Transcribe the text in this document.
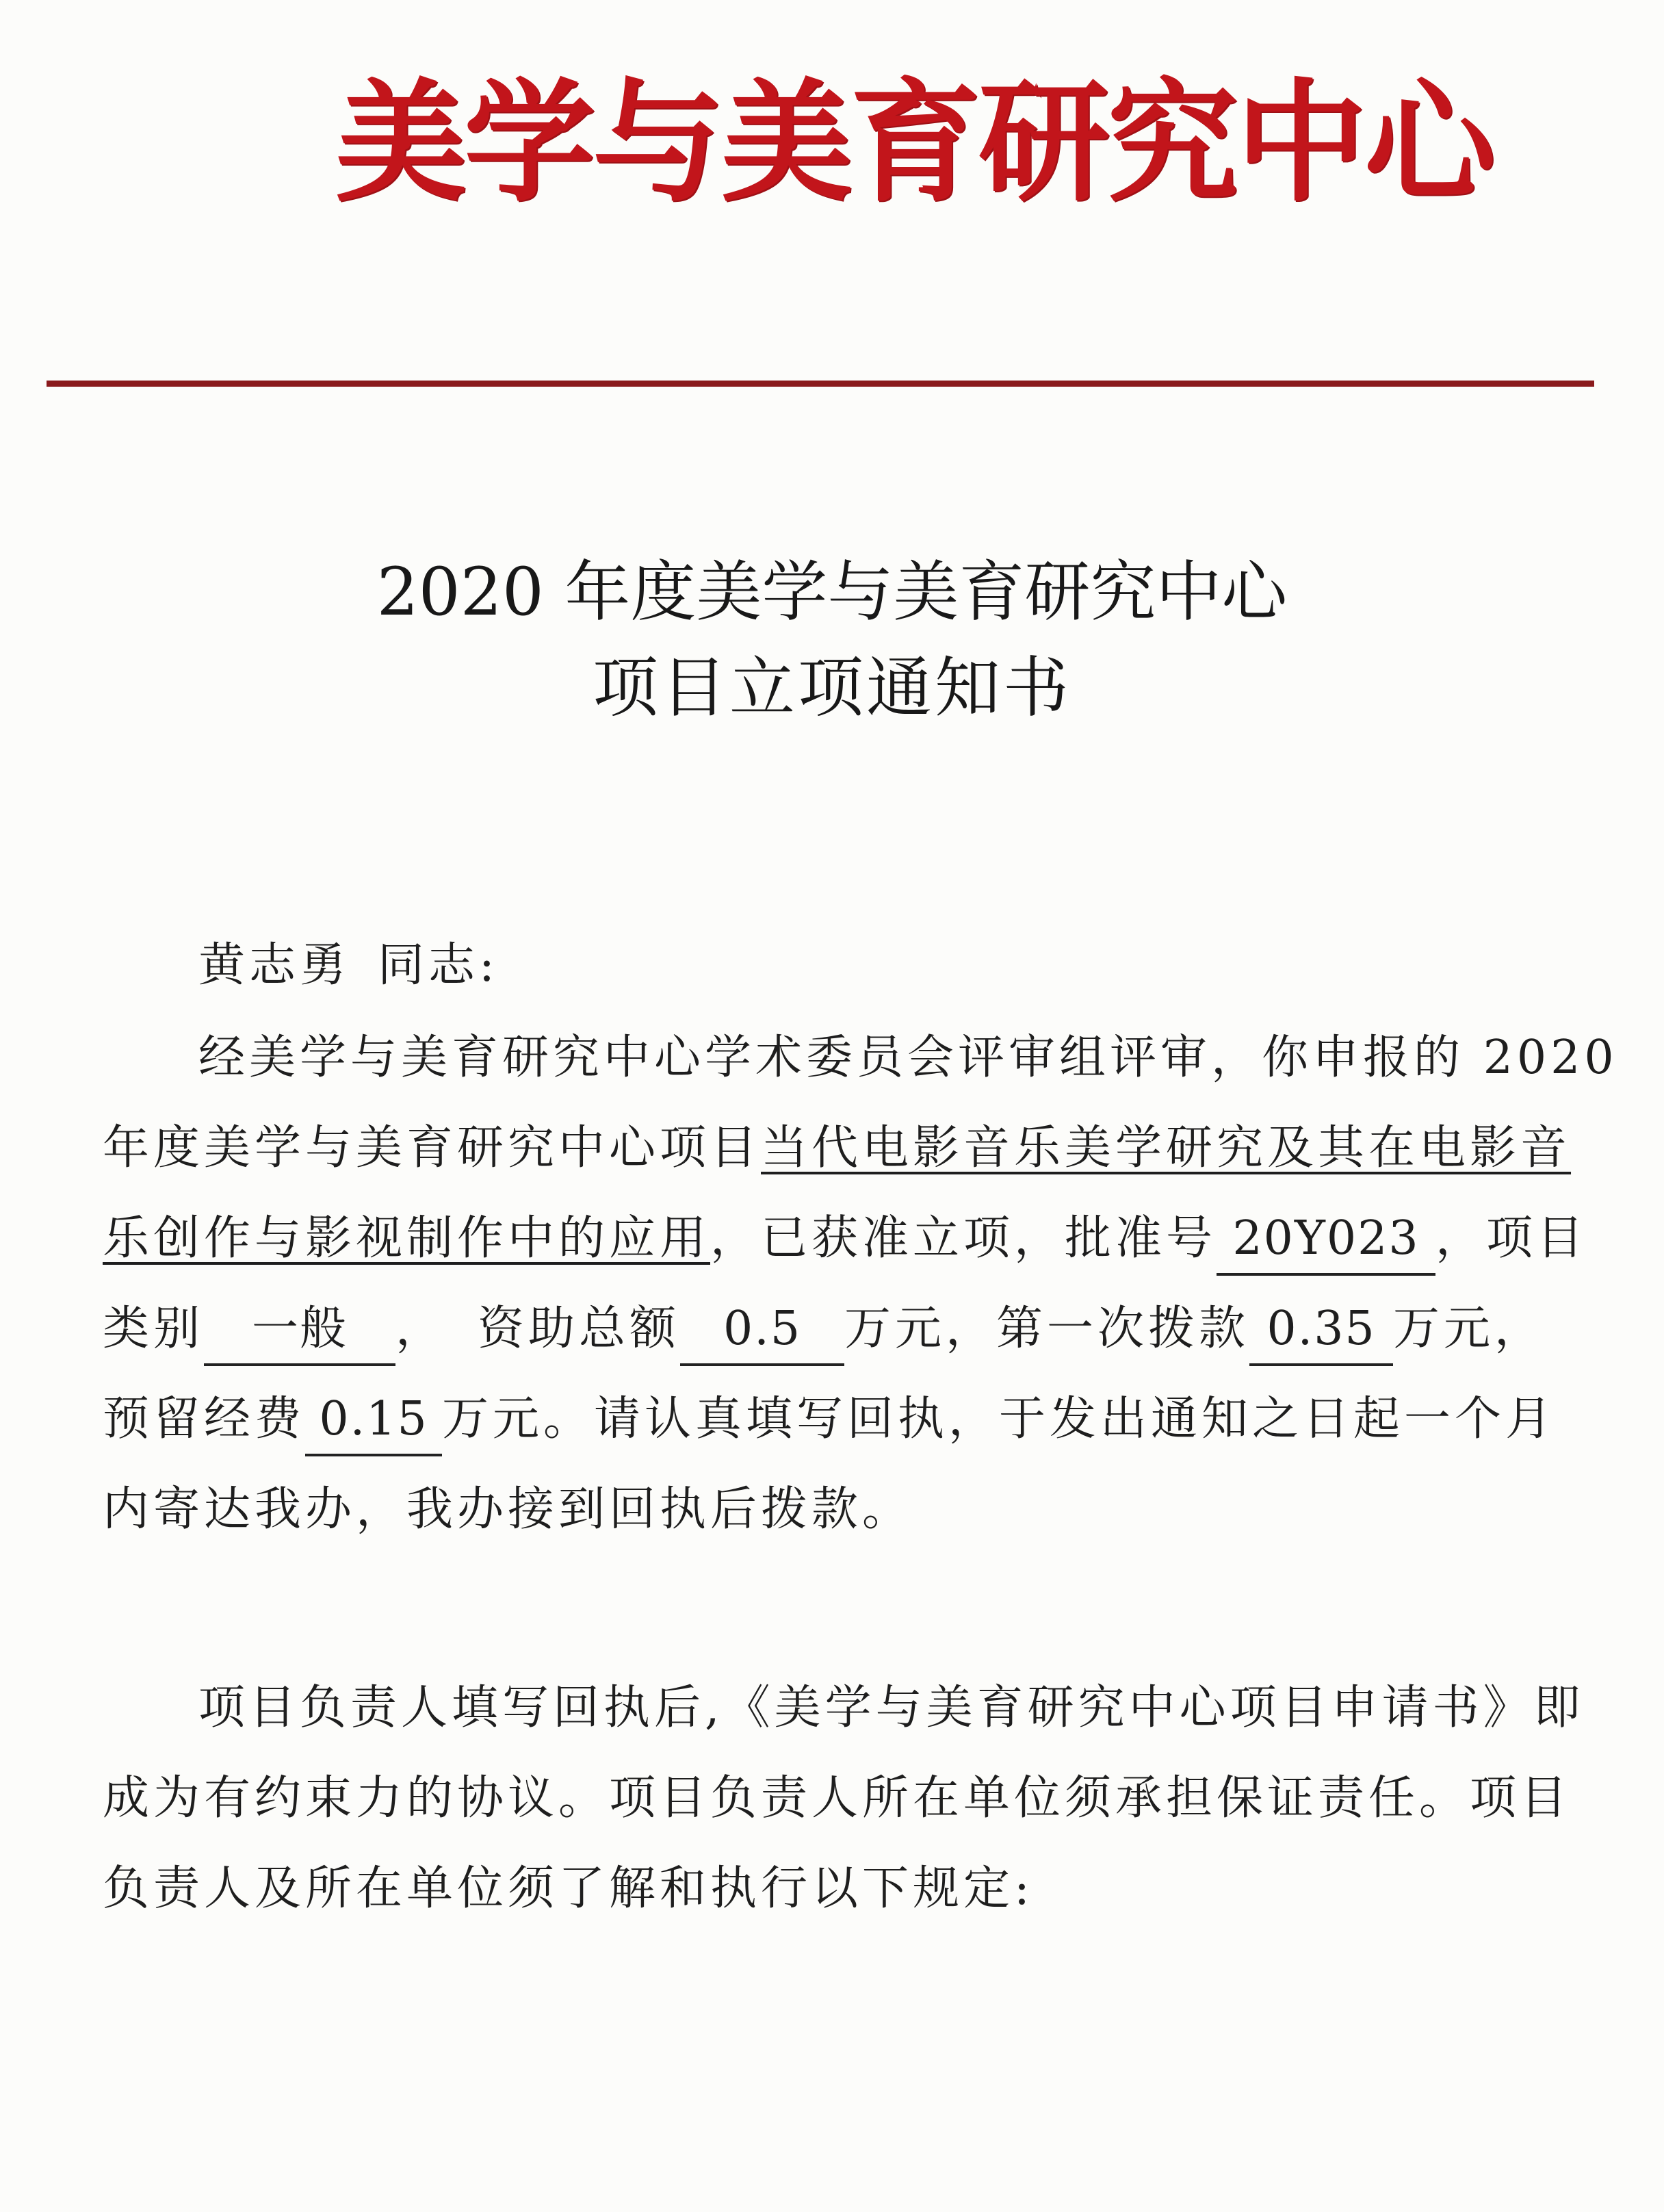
美学与美育研究中心
2020 年度美学与美育研究中心
项目立项通知书
黄志勇 同志:
经美学与美育研究中心学术委员会评审组评审，你申报的 2020
年度美学与美育研究中心项目当代电影音乐美学研究及其在电影音
乐创作与影视制作中的应用，已获准立项，批准号 20Y023 ，项目
类别 一般 ， 资助总额 0.5 万元，第一次拨款 0.35 万元，
预留经费 0.15 万元。请认真填写回执，于发出通知之日起一个月
内寄达我办，我办接到回执后拨款。
项目负责人填写回执后,《美学与美育研究中心项目申请书》即
成为有约束力的协议。项目负责人所在单位须承担保证责任。项目
负责人及所在单位须了解和执行以下规定:
